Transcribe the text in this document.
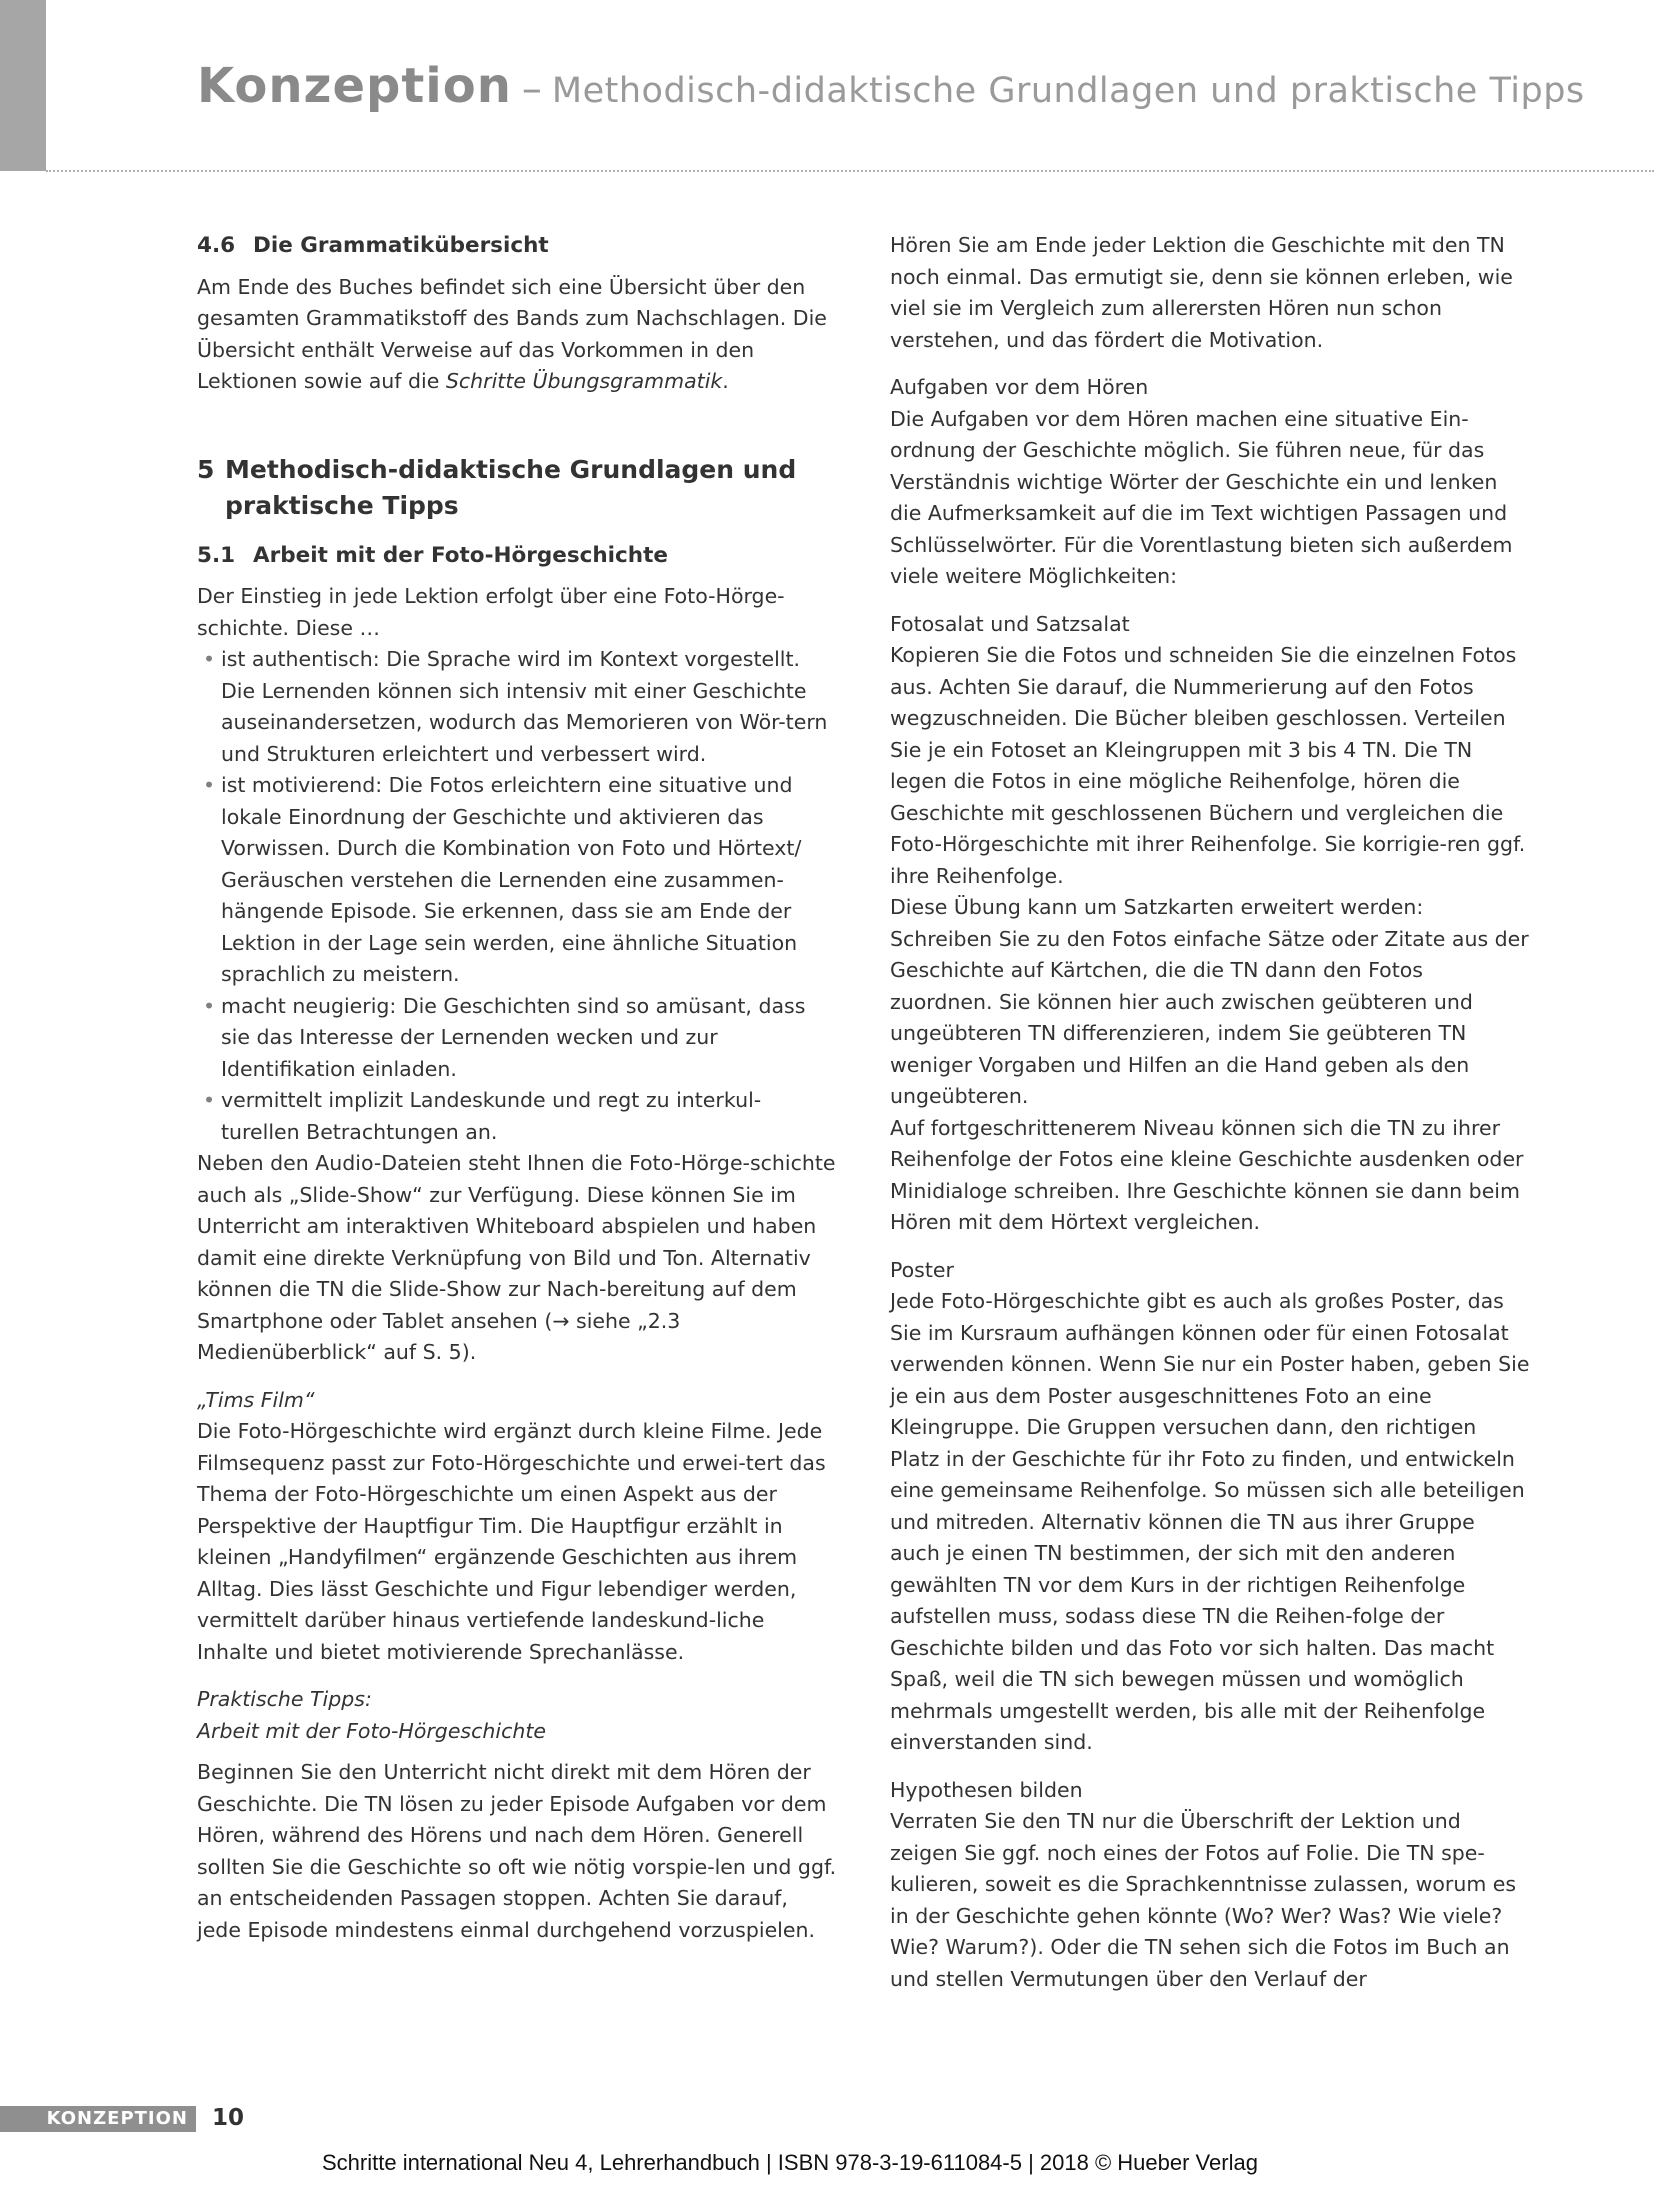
Konzeption – Methodisch-didaktische Grundlagen und praktische Tipps
4.6 Die Grammatikübersicht

Am Ende des Buches befindet sich eine Übersicht über den gesamten Grammatikstoff des Bands zum Nachschlagen. Die Übersicht enthält Verweise auf das Vorkommen in den Lektionen sowie auf die Schritte Übungsgrammatik.

5 Methodisch-didaktische Grundlagen und praktische Tipps
5.1 Arbeit mit der Foto-Hörgeschichte

Der Einstieg in jede Lektion erfolgt über eine Foto-Hörge-schichte. Diese …

• ist authentisch: Die Sprache wird im Kontext vorgestellt. Die Lernenden können sich intensiv mit einer Geschichte auseinandersetzen, wodurch das Memorieren von Wör-tern und Strukturen erleichtert und verbessert wird.
• ist motivierend: Die Fotos erleichtern eine situative und lokale Einordnung der Geschichte und aktivieren das Vorwissen. Durch die Kombination von Foto und Hörtext/ Geräuschen verstehen die Lernenden eine zusammen-hängende Episode. Sie erkennen, dass sie am Ende der Lektion in der Lage sein werden, eine ähnliche Situation sprachlich zu meistern.
• macht neugierig: Die Geschichten sind so amüsant, dass sie das Interesse der Lernenden wecken und zur Identifikation einladen.
• vermittelt implizit Landeskunde und regt zu interkul-turellen Betrachtungen an.

Neben den Audio-Dateien steht Ihnen die Foto-Hörge-schichte auch als „Slide-Show“ zur Verfügung. Diese können Sie im Unterricht am interaktiven Whiteboard abspielen und haben damit eine direkte Verknüpfung von Bild und Ton. Alternativ können die TN die Slide-Show zur Nach-bereitung auf dem Smartphone oder Tablet ansehen (→ siehe „2.3 Medienüberblick“ auf S. 5).

„Tims Film“

Die Foto-Hörgeschichte wird ergänzt durch kleine Filme. Jede Filmsequenz passt zur Foto-Hörgeschichte und erwei-tert das Thema der Foto-Hörgeschichte um einen Aspekt aus der Perspektive der Hauptfigur Tim. Die Hauptfigur erzählt in kleinen „Handyfilmen“ ergänzende Geschichten aus ihrem Alltag. Dies lässt Geschichte und Figur lebendiger werden, vermittelt darüber hinaus vertiefende landeskund-liche Inhalte und bietet motivierende Sprechanlässe.

Praktische Tipps:
Arbeit mit der Foto-Hörgeschichte

Beginnen Sie den Unterricht nicht direkt mit dem Hören der Geschichte. Die TN lösen zu jeder Episode Aufgaben vor dem Hören, während des Hörens und nach dem Hören. Generell sollten Sie die Geschichte so oft wie nötig vorspie-len und ggf. an entscheidenden Passagen stoppen. Achten Sie darauf, jede Episode mindestens einmal durchgehend vorzuspielen.

Hören Sie am Ende jeder Lektion die Geschichte mit den TN noch einmal. Das ermutigt sie, denn sie können erleben, wie viel sie im Vergleich zum allerersten Hören nun schon verstehen, und das fördert die Motivation.

Aufgaben vor dem Hören

Die Aufgaben vor dem Hören machen eine situative Ein-ordnung der Geschichte möglich. Sie führen neue, für das Verständnis wichtige Wörter der Geschichte ein und lenken die Aufmerksamkeit auf die im Text wichtigen Passagen und Schlüsselwörter. Für die Vorentlastung bieten sich außerdem viele weitere Möglichkeiten:

Fotosalat und Satzsalat

Kopieren Sie die Fotos und schneiden Sie die einzelnen Fotos aus. Achten Sie darauf, die Nummerierung auf den Fotos wegzuschneiden. Die Bücher bleiben geschlossen. Verteilen Sie je ein Fotoset an Kleingruppen mit 3 bis 4 TN. Die TN legen die Fotos in eine mögliche Reihenfolge, hören die Geschichte mit geschlossenen Büchern und vergleichen die Foto-Hörgeschichte mit ihrer Reihenfolge. Sie korrigie-ren ggf. ihre Reihenfolge.

Diese Übung kann um Satzkarten erweitert werden: Schreiben Sie zu den Fotos einfache Sätze oder Zitate aus der Geschichte auf Kärtchen, die die TN dann den Fotos zuordnen. Sie können hier auch zwischen geübteren und ungeübteren TN differenzieren, indem Sie geübteren TN weniger Vorgaben und Hilfen an die Hand geben als den ungeübteren.

Auf fortgeschrittenerem Niveau können sich die TN zu ihrer Reihenfolge der Fotos eine kleine Geschichte ausdenken oder Minidialoge schreiben. Ihre Geschichte können sie dann beim Hören mit dem Hörtext vergleichen.

Poster

Jede Foto-Hörgeschichte gibt es auch als großes Poster, das Sie im Kursraum aufhängen können oder für einen Fotosalat verwenden können. Wenn Sie nur ein Poster haben, geben Sie je ein aus dem Poster ausgeschnittenes Foto an eine Kleingruppe. Die Gruppen versuchen dann, den richtigen Platz in der Geschichte für ihr Foto zu finden, und entwickeln eine gemeinsame Reihenfolge. So müssen sich alle beteiligen und mitreden. Alternativ können die TN aus ihrer Gruppe auch je einen TN bestimmen, der sich mit den anderen gewählten TN vor dem Kurs in der richtigen Reihenfolge aufstellen muss, sodass diese TN die Reihen-folge der Geschichte bilden und das Foto vor sich halten. Das macht Spaß, weil die TN sich bewegen müssen und womöglich mehrmals umgestellt werden, bis alle mit der Reihenfolge einverstanden sind.

Hypothesen bilden

Verraten Sie den TN nur die Überschrift der Lektion und zeigen Sie ggf. noch eines der Fotos auf Folie. Die TN spe-kulieren, soweit es die Sprachkenntnisse zulassen, worum es in der Geschichte gehen könnte (Wo? Wer? Was? Wie viele? Wie? Warum?). Oder die TN sehen sich die Fotos im Buch an und stellen Vermutungen über den Verlauf der

KONZEPTION 10
Schritte international Neu 4, Lehrerhandbuch | ISBN 978-3-19-611084-5 | 2018 © Hueber Verlag
